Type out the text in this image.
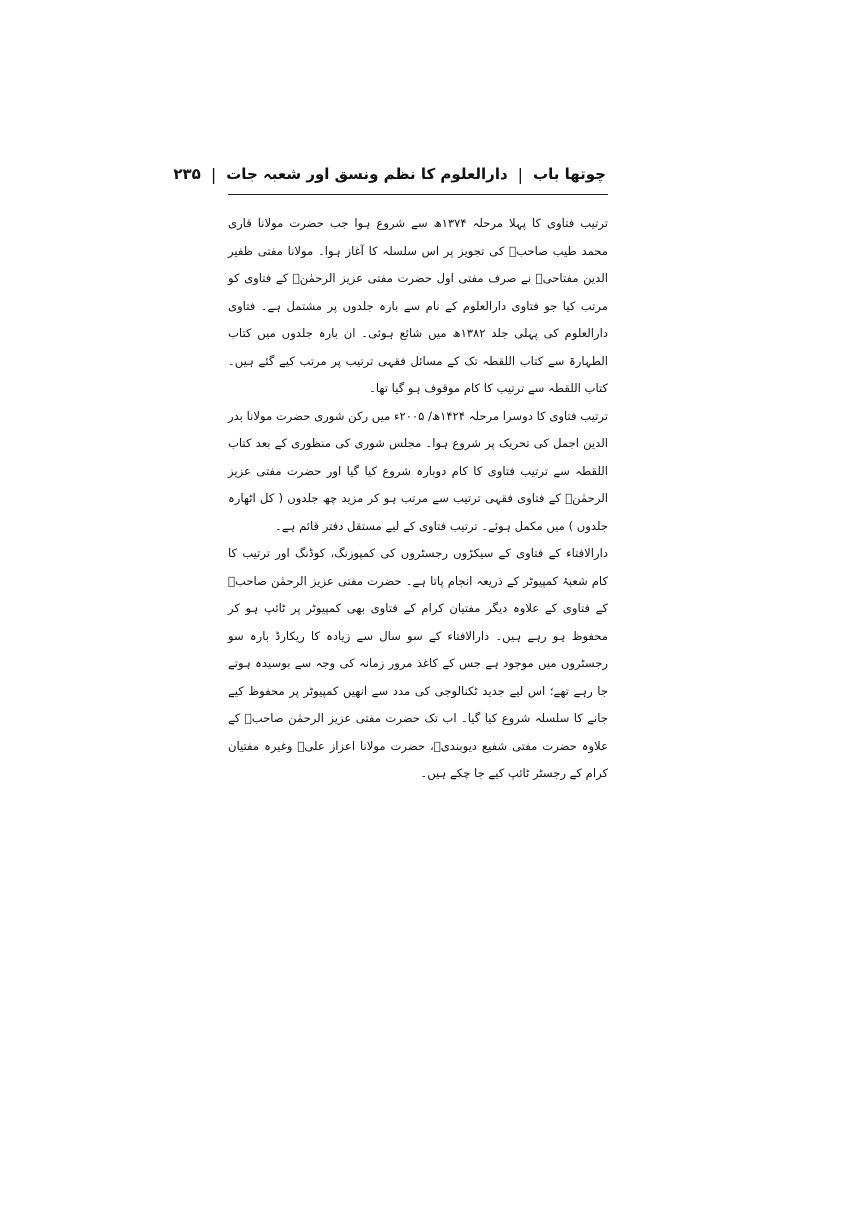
چوتھا باب
|
دارالعلوم کا نظم ونسق اور شعبہ جات
|
۲۳۵

ترتیب فتاوی کا پہلا مرحلہ ۱۳۷۴ھ سے شروع ہوا جب حضرت مولانا قاری محمد طیب صاحبؒ کی تجویز پر اس سلسلہ کا آغاز ہوا۔ مولانا مفتی ظفیر الدین مفتاحیؒ نے صرف مفتی اول حضرت مفتی عزیز الرحمٰنؒ کے فتاوی کو مرتب کیا جو فتاوی دارالعلوم کے نام سے بارہ جلدوں پر مشتمل ہے۔ فتاوی دارالعلوم کی پہلی جلد ۱۳۸۲ھ میں شائع ہوئی۔ ان بارہ جلدوں میں کتاب الطہارۃ سے کتاب اللقطہ تک کے مسائل فقہی ترتیب پر مرتب کیے گئے ہیں۔ کتاب اللقطہ سے ترتیب کا کام موقوف ہو گیا تھا۔

ترتیب فتاوی کا دوسرا مرحلہ ۱۴۲۴ھ/ ۲۰۰۵ء میں رکن شوری حضرت مولانا بدر الدین اجمل کی تحریک پر شروع ہوا۔ مجلس شوری کی منظوری کے بعد کتاب اللقطہ سے ترتیب فتاوی کا کام دوبارہ شروع کیا گیا اور حضرت مفتی عزیز الرحمٰنؒ کے فتاوی فقہی ترتیب سے مرتب ہو کر مزید چھ جلدوں ( کل اٹھارہ جلدوں ) میں مکمل ہوئے۔ ترتیب فتاوی کے لیے مستقل دفتر قائم ہے۔

دارالافتاء کے فتاوی کے سیکڑوں رجسٹروں کی کمپوزنگ، کوڈنگ اور ترتیب کا کام شعبۂ کمپیوٹر کے ذریعہ انجام پاتا ہے۔ حضرت مفتی عزیز الرحمٰن صاحبؒ کے فتاوی کے علاوہ دیگر مفتیان کرام کے فتاوی بھی کمپیوٹر پر ٹائپ ہو کر محفوظ ہو رہے ہیں۔ دارالافتاء کے سو سال سے زیادہ کا ریکارڈ بارہ سو رجسٹروں میں موجود ہے جس کے کاغذ مرور زمانہ کی وجہ سے بوسیدہ ہوتے جا رہے تھے؛ اس لیے جدید ٹکنالوجی کی مدد سے انھیں کمپیوٹر پر محفوظ کیے جانے کا سلسلہ شروع کیا گیا۔ اب تک حضرت مفتی عزیز الرحمٰن صاحبؒ کے علاوہ حضرت مفتی شفیع دیوبندیؒ، حضرت مولانا اعزاز علیؒ وغیرہ مفتیان کرام کے رجسٹر ٹائپ کیے جا چکے ہیں۔
